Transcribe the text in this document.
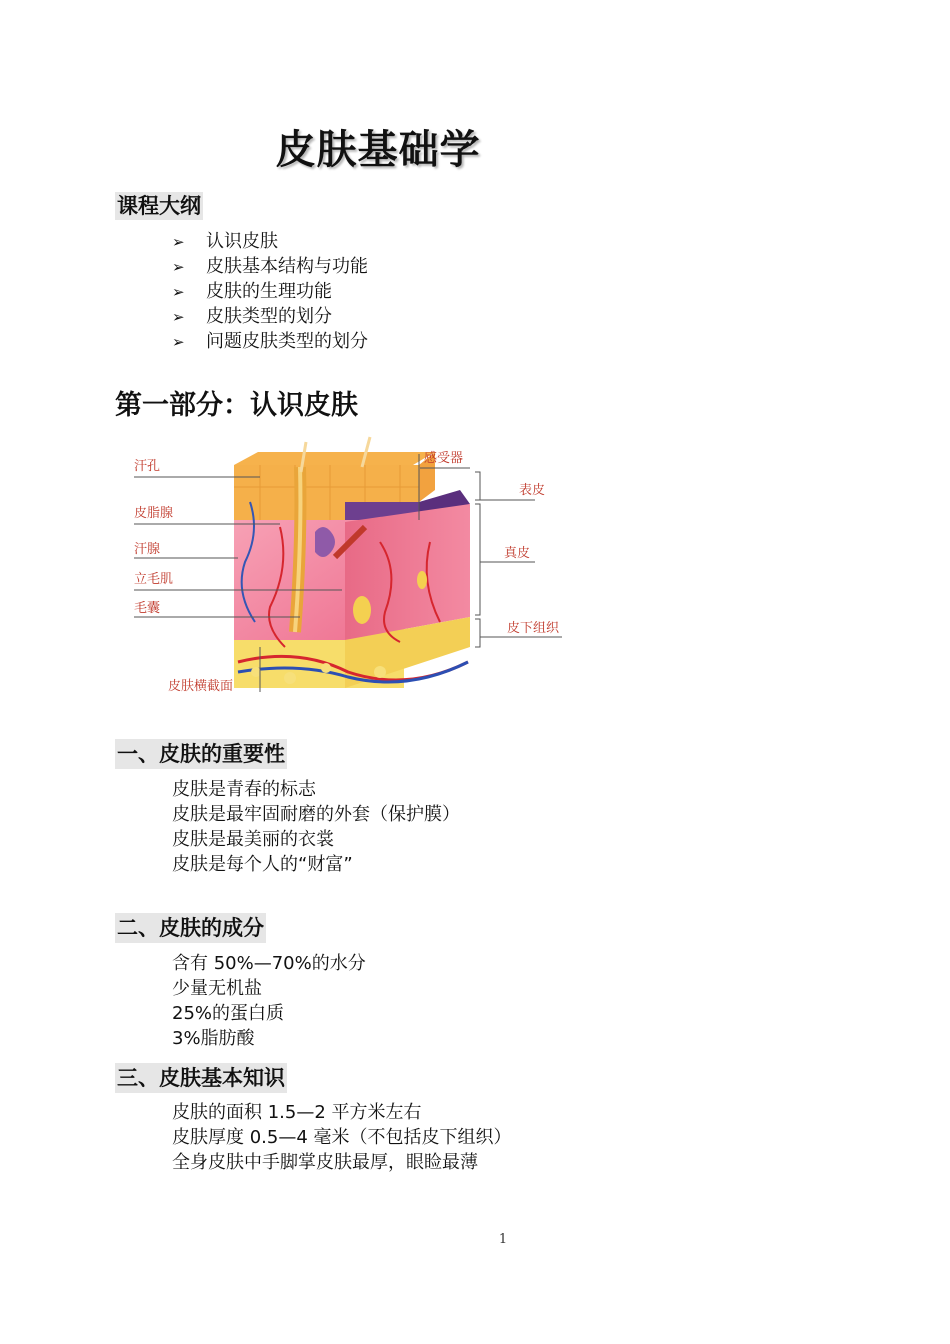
皮肤基础学
课程大纲
➢ 认识皮肤
➢ 皮肤基本结构与功能
➢ 皮肤的生理功能
➢ 皮肤类型的划分
➢ 问题皮肤类型的划分
第一部分：认识皮肤
汗孔
皮脂腺
汗腺
立毛肌
毛囊
感受器
表皮
真皮
皮下组织
皮肤横截面
一、皮肤的重要性
皮肤是青春的标志
皮肤是最牢固耐磨的外套（保护膜）
皮肤是最美丽的衣裳
皮肤是每个人的“财富”
二、皮肤的成分
含有 50%—70%的水分
少量无机盐
25%的蛋白质
3%脂肪酸
三、皮肤基本知识
皮肤的面积 1.5—2 平方米左右
皮肤厚度 0.5—4 毫米（不包括皮下组织）
全身皮肤中手脚掌皮肤最厚，眼睑最薄
1
